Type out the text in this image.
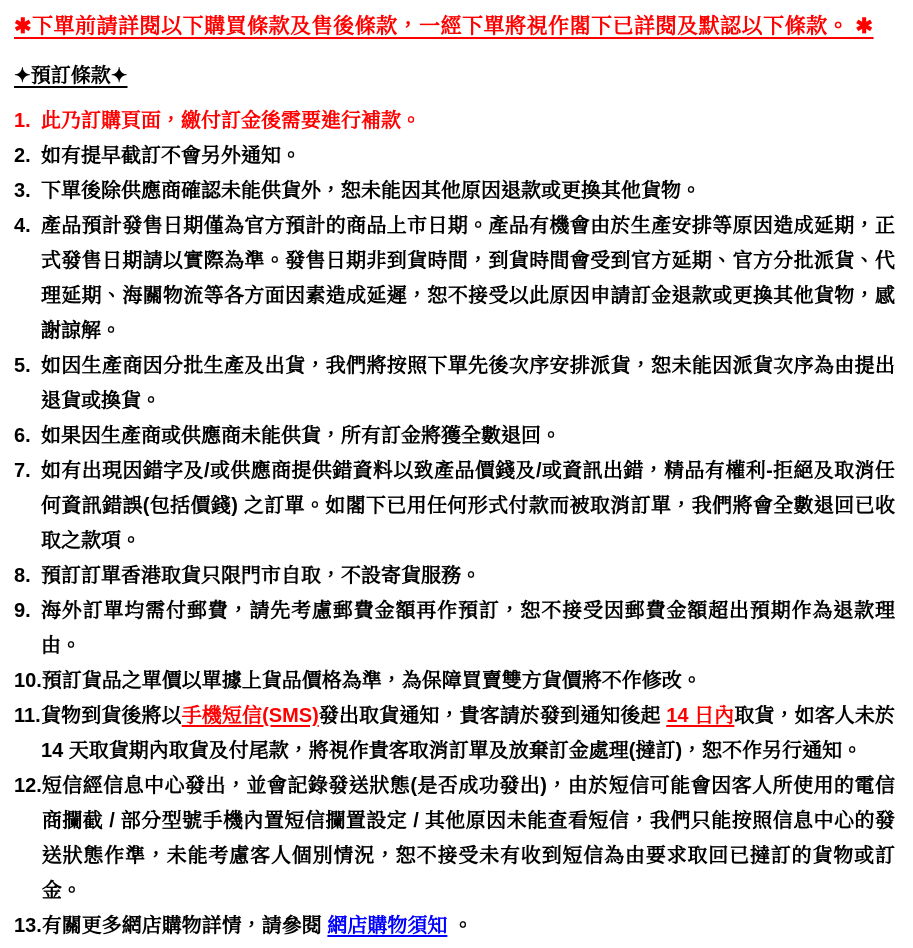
✱下單前請詳閱以下購買條款及售後條款，一經下單將視作閣下已詳閱及默認以下條款。 ✱
✦預訂條款✦
1. 此乃訂購頁面，繳付訂金後需要進行補款。
2. 如有提早截訂不會另外通知。
3. 下單後除供應商確認未能供貨外，恕未能因其他原因退款或更換其他貨物。
4. 產品預計發售日期僅為官方預計的商品上市日期。產品有機會由於生產安排等原因造成延期，正式發售日期請以實際為準。發售日期非到貨時間，到貨時間會受到官方延期、官方分批派貨、代理延期、海關物流等各方面因素造成延遲，恕不接受以此原因申請訂金退款或更換其他貨物，感謝諒解。
5. 如因生產商因分批生產及出貨，我們將按照下單先後次序安排派貨，恕未能因派貨次序為由提出退貨或換貨。
6. 如果因生產商或供應商未能供貨，所有訂金將獲全數退回。
7. 如有出現因錯字及/或供應商提供錯資料以致產品價錢及/或資訊出錯，精品有權利-拒絕及取消任何資訊錯誤(包括價錢) 之訂單。如閣下已用任何形式付款而被取消訂單，我們將會全數退回已收取之款項。
8. 預訂訂單香港取貨只限門市自取，不設寄貨服務。
9. 海外訂單均需付郵費，請先考慮郵費金額再作預訂，恕不接受因郵費金額超出預期作為退款理由。
10. 預訂貨品之單價以單據上貨品價格為準，為保障買賣雙方貨價將不作修改。
11. 貨物到貨後將以手機短信(SMS)發出取貨通知，貴客請於發到通知後起 14 日內取貨，如客人未於 14 天取貨期內取貨及付尾款，將視作貴客取消訂單及放棄訂金處理(撻訂)，恕不作另行通知。
12. 短信經信息中心發出，並會記錄發送狀態(是否成功發出)，由於短信可能會因客人所使用的電信商攔截 / 部分型號手機內置短信攔置設定 / 其他原因未能查看短信，我們只能按照信息中心的發送狀態作準，未能考慮客人個別情況，恕不接受未有收到短信為由要求取回已撻訂的貨物或訂金。
13. 有關更多網店購物詳情，請參閱 網店購物須知 。
